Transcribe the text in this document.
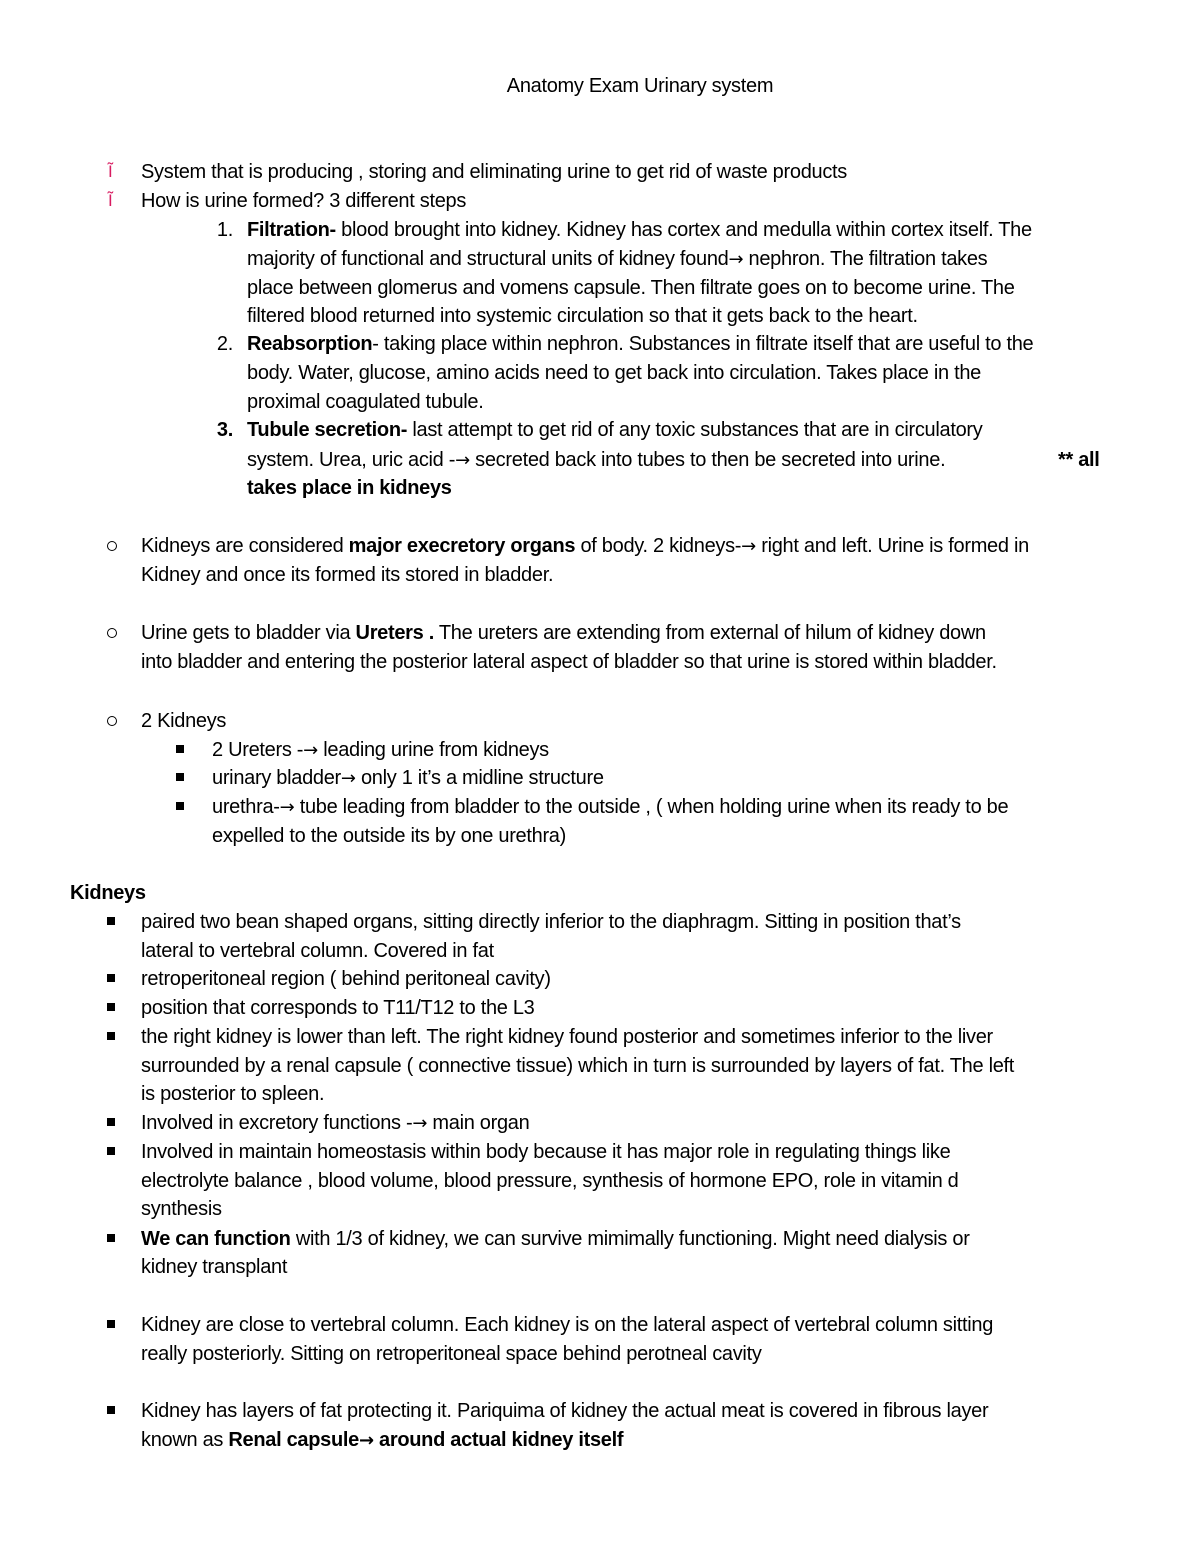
Anatomy Exam Urinary system
Ĩ System that is producing , storing and eliminating urine to get rid of waste products
Ĩ How is urine formed? 3 different steps
1. Filtration- blood brought into kidney. Kidney has cortex and medulla within cortex itself. The
majority of functional and structural units of kidney found→ nephron. The filtration takes
place between glomerus and vomens capsule. Then filtrate goes on to become urine. The
filtered blood returned into systemic circulation so that it gets back to the heart.
2. Reabsorption- taking place within nephron. Substances in filtrate itself that are useful to the
body. Water, glucose, amino acids need to get back into circulation. Takes place in the
proximal coagulated tubule.
3. Tubule secretion- last attempt to get rid of any toxic substances that are in circulatory
system. Urea, uric acid -→ secreted back into tubes to then be secreted into urine.	** all
takes place in kidneys
Kidneys are considered major execretory organs of body. 2 kidneys-→ right and left. Urine is formed in
Kidney and once its formed its stored in bladder.
Urine gets to bladder via Ureters . The ureters are extending from external of hilum of kidney down
into bladder and entering the posterior lateral aspect of bladder so that urine is stored within bladder.
2 Kidneys
2 Ureters -→ leading urine from kidneys
urinary bladder→ only 1 it’s a midline structure
urethra-→ tube leading from bladder to the outside , ( when holding urine when its ready to be
expelled to the outside its by one urethra)
Kidneys
paired two bean shaped organs, sitting directly inferior to the diaphragm. Sitting in position that’s
lateral to vertebral column. Covered in fat
retroperitoneal region ( behind peritoneal cavity)
position that corresponds to T11/T12 to the L3
the right kidney is lower than left. The right kidney found posterior and sometimes inferior to the liver
surrounded by a renal capsule ( connective tissue) which in turn is surrounded by layers of fat. The left
is posterior to spleen.
Involved in excretory functions -→ main organ
Involved in maintain homeostasis within body because it has major role in regulating things like
electrolyte balance , blood volume, blood pressure, synthesis of hormone EPO, role in vitamin d
synthesis
We can function with 1/3 of kidney, we can survive mimimally functioning. Might need dialysis or
kidney transplant
Kidney are close to vertebral column. Each kidney is on the lateral aspect of vertebral column sitting
really posteriorly. Sitting on retroperitoneal space behind perotneal cavity
Kidney has layers of fat protecting it. Pariquima of kidney the actual meat is covered in fibrous layer
known as Renal capsule→ around actual kidney itself
